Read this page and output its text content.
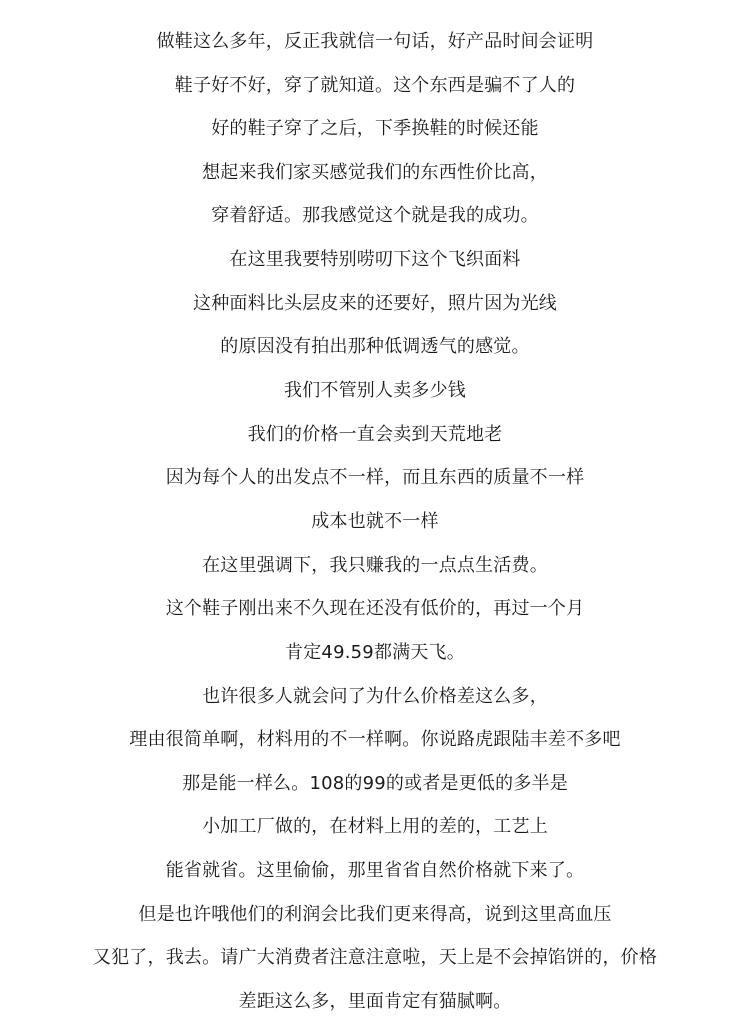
做鞋这么多年，反正我就信一句话，好产品时间会证明
鞋子好不好，穿了就知道。这个东西是骗不了人的
好的鞋子穿了之后，下季换鞋的时候还能
想起来我们家买感觉我们的东西性价比高，
穿着舒适。那我感觉这个就是我的成功。
在这里我要特别唠叨下这个飞织面料
这种面料比头层皮来的还要好，照片因为光线
的原因没有拍出那种低调透气的感觉。
我们不管别人卖多少钱
我们的价格一直会卖到天荒地老
因为每个人的出发点不一样，而且东西的质量不一样
成本也就不一样
在这里强调下，我只赚我的一点点生活费。
这个鞋子刚出来不久现在还没有低价的，再过一个月
肯定49.59都满天飞。
也许很多人就会问了为什么价格差这么多，
理由很简单啊，材料用的不一样啊。你说路虎跟陆丰差不多吧
那是能一样么。108的99的或者是更低的多半是
小加工厂做的，在材料上用的差的，工艺上
能省就省。这里偷偷，那里省省自然价格就下来了。
但是也许哦他们的利润会比我们更来得高，说到这里高血压
又犯了，我去。请广大消费者注意注意啦，天上是不会掉馅饼的，价格
差距这么多，里面肯定有猫腻啊。
